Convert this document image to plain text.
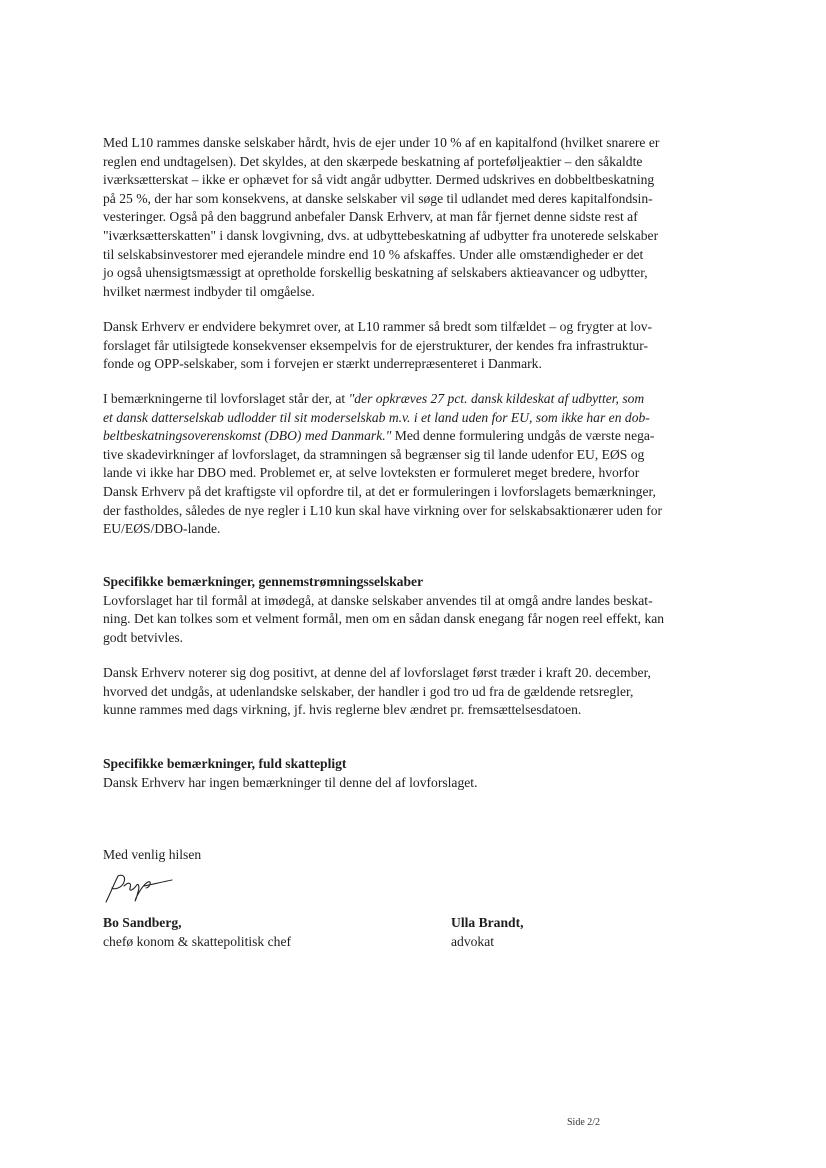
Med L10 rammes danske selskaber hårdt, hvis de ejer under 10 % af en kapitalfond (hvilket snarere er
reglen end undtagelsen). Det skyldes, at den skærpede beskatning af porteføljeaktier – den såkaldte
iværksætterskat – ikke er ophævet for så vidt angår udbytter. Dermed udskrives en dobbeltbeskatning
på 25 %, der har som konsekvens, at danske selskaber vil søge til udlandet med deres kapitalfondsin-
vesteringer. Også på den baggrund anbefaler Dansk Erhverv, at man får fjernet denne sidste rest af
"iværksætterskatten" i dansk lovgivning, dvs. at udbyttebeskatning af udbytter fra unoterede selskaber
til selskabsinvestorer med ejerandele mindre end 10 % afskaffes. Under alle omstændigheder er det
jo også uhensigtsmæssigt at opretholde forskellig beskatning af selskabers aktieavancer og udbytter,
hvilket nærmest indbyder til omgåelse.
Dansk Erhverv er endvidere bekymret over, at L10 rammer så bredt som tilfældet – og frygter at lov-
forslaget får utilsigtede konsekvenser eksempelvis for de ejerstrukturer, der kendes fra infrastruktur-
fonde og OPP-selskaber, som i forvejen er stærkt underrepræsenteret i Danmark.
I bemærkningerne til lovforslaget står der, at "der opkræves 27 pct. dansk kildeskat af udbytter, som
et dansk datterselskab udlodder til sit moderselskab m.v. i et land uden for EU, som ikke har en dob-
beltbeskatningsoverenskomst (DBO) med Danmark." Med denne formulering undgås de værste nega-
tive skadevirkninger af lovforslaget, da stramningen så begrænser sig til lande udenfor EU, EØS og
lande vi ikke har DBO med. Problemet er, at selve lovteksten er formuleret meget bredere, hvorfor
Dansk Erhverv på det kraftigste vil opfordre til, at det er formuleringen i lovforslagets bemærkninger,
der fastholdes, således de nye regler i L10 kun skal have virkning over for selskabsaktionærer uden for
EU/EØS/DBO-lande.
Specifikke bemærkninger, gennemstrømningsselskaber
Lovforslaget har til formål at imødegå, at danske selskaber anvendes til at omgå andre landes beskat-
ning. Det kan tolkes som et velment formål, men om en sådan dansk enegang får nogen reel effekt, kan
godt betvivles.
Dansk Erhverv noterer sig dog positivt, at denne del af lovforslaget først træder i kraft 20. december,
hvorved det undgås, at udenlandske selskaber, der handler i god tro ud fra de gældende retsregler,
kunne rammes med dags virkning, jf. hvis reglerne blev ændret pr. fremsættelsesdatoen.
Specifikke bemærkninger, fuld skattepligt
Dansk Erhverv har ingen bemærkninger til denne del af lovforslaget.
Med venlig hilsen
Bo Sandberg,
chefø konom & skattepolitisk chef
Ulla Brandt,
advokat
Side 2/2
